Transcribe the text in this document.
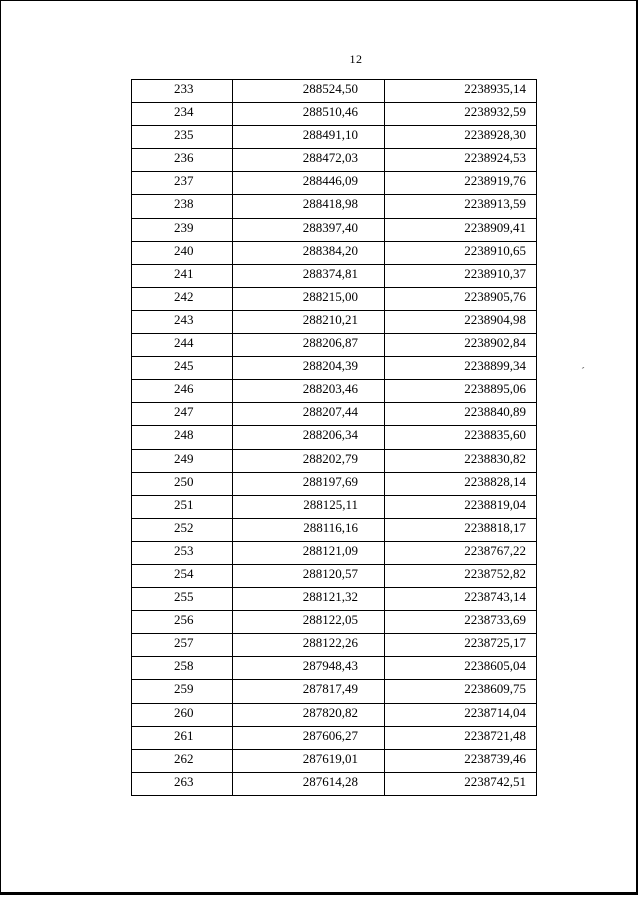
12
233	288524,50	2238935,14
234	288510,46	2238932,59
235	288491,10	2238928,30
236	288472,03	2238924,53
237	288446,09	2238919,76
238	288418,98	2238913,59
239	288397,40	2238909,41
240	288384,20	2238910,65
241	288374,81	2238910,37
242	288215,00	2238905,76
243	288210,21	2238904,98
244	288206,87	2238902,84
245	288204,39	2238899,34
246	288203,46	2238895,06
247	288207,44	2238840,89
248	288206,34	2238835,60
249	288202,79	2238830,82
250	288197,69	2238828,14
251	288125,11	2238819,04
252	288116,16	2238818,17
253	288121,09	2238767,22
254	288120,57	2238752,82
255	288121,32	2238743,14
256	288122,05	2238733,69
257	288122,26	2238725,17
258	287948,43	2238605,04
259	287817,49	2238609,75
260	287820,82	2238714,04
261	287606,27	2238721,48
262	287619,01	2238739,46
263	287614,28	2238742,51
ˊ
